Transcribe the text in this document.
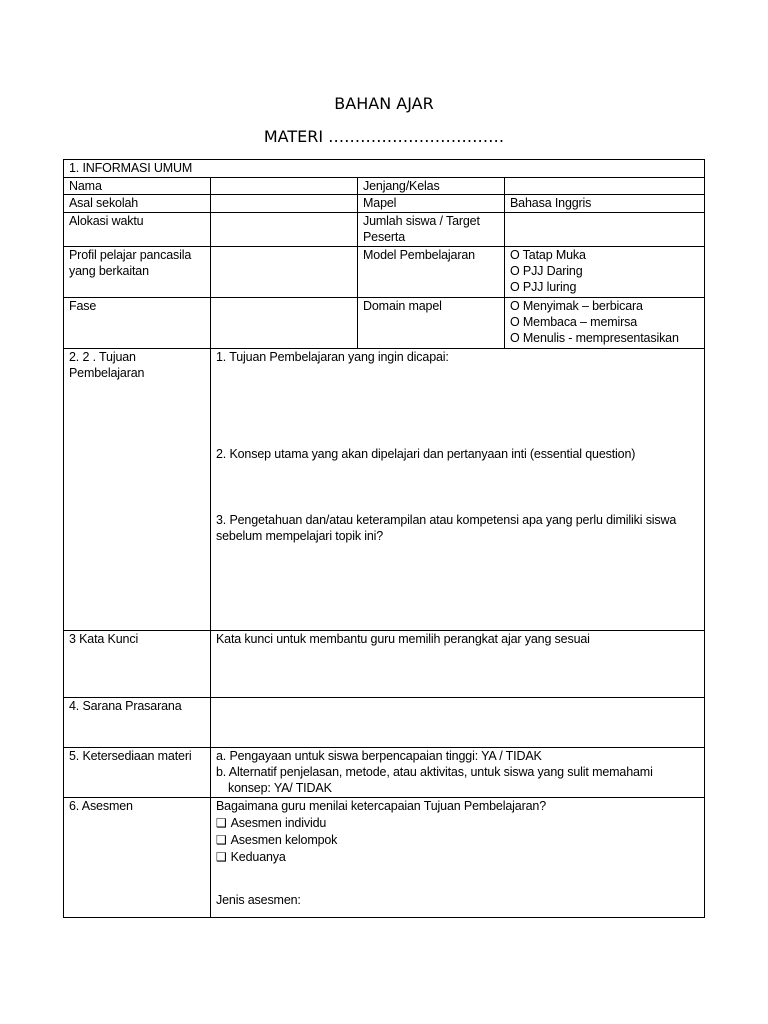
BAHAN AJAR
MATERI ……………………………
1. INFORMASI UMUM			

Nama		Jenjang/Kelas	

Asal sekolah		Mapel	Bahasa Inggris

Alokasi waktu		Jumlah siswa / Target
Peserta	

Profil pelajar pancasila
yang berkaitan		Model Pembelajaran	O Tatap Muka
O PJJ Daring
O PJJ luring

Fase		Domain mapel	O Menyimak – berbicara
O Membaca – memirsa
O Menulis - mempresentasikan

2. 2 . Tujuan
Pembelajaran	1. Tujuan Pembelajaran yang ingin dicapai:
2. Konsep utama yang akan dipelajari dan pertanyaan inti (essential question)
3. Pengetahuan dan/atau keterampilan atau kompetensi apa yang perlu dimiliki siswa
sebelum mempelajari topik ini?		

3 Kata Kunci	Kata kunci untuk membantu guru memilih perangkat ajar yang sesuai		

4. Sarana Prasarana			

5. Ketersediaan materi	a. Pengayaan untuk siswa berpencapaian tinggi: YA / TIDAK
b. Alternatif penjelasan, metode, atau aktivitas, untuk siswa yang sulit memahami
konsep: YA/ TIDAK		

6. Asesmen	Bagaimana guru menilai ketercapaian Tujuan Pembelajaran?
❑ Asesmen individu
❑ Asesmen kelompok
❑ Keduanya
Jenis asesmen:		
